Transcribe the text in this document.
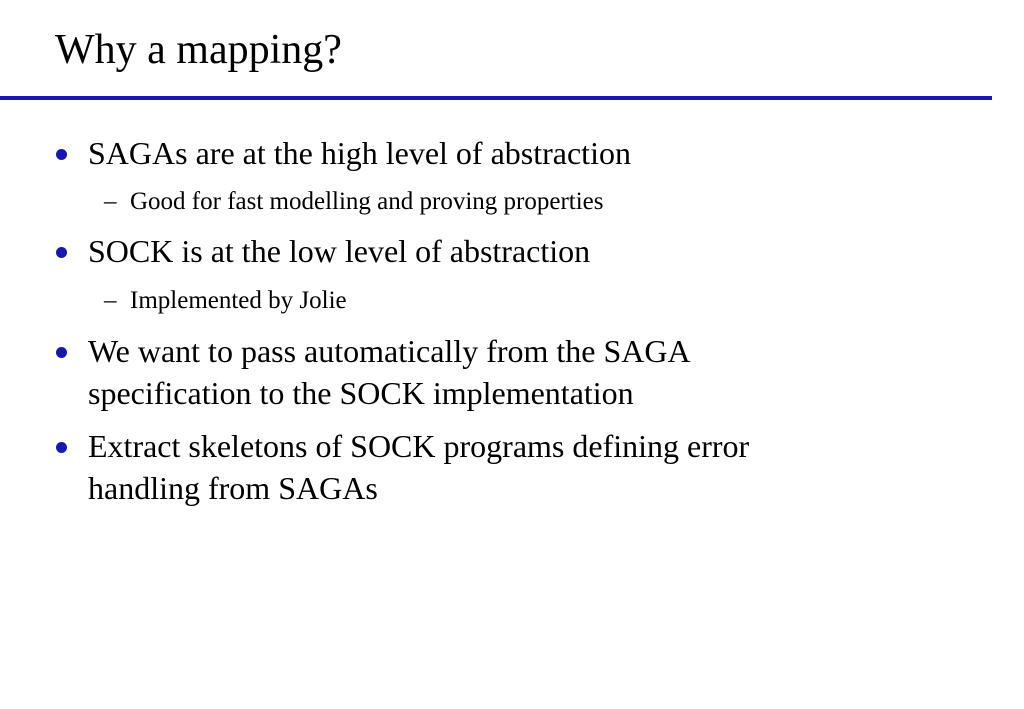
Why a mapping?
SAGAs are at the high level of abstraction
– Good for fast modelling and proving properties
SOCK is at the low level of abstraction
– Implemented by Jolie
We want to pass automatically from the SAGA specification to the SOCK implementation
Extract skeletons of SOCK programs defining error handling from SAGAs
